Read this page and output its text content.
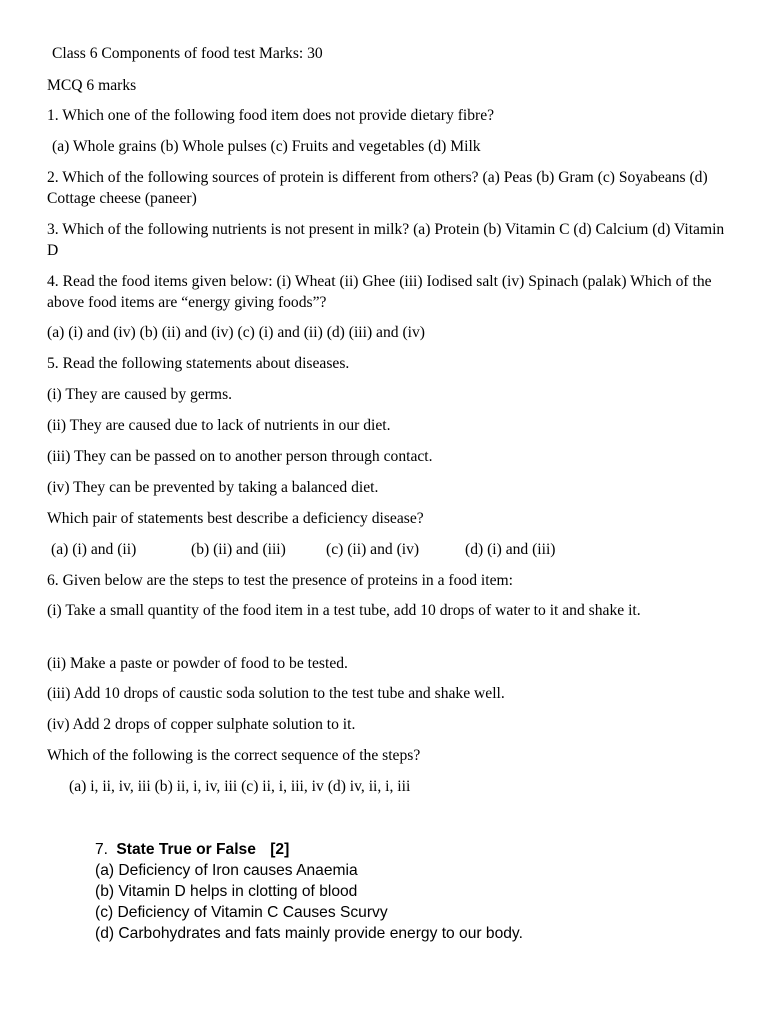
Class 6 Components of food test Marks: 30
MCQ 6 marks
1. Which one of the following food item does not provide dietary fibre?
(a) Whole grains (b) Whole pulses (c) Fruits and vegetables (d) Milk
2. Which of the following sources of protein is different from others? (a) Peas (b) Gram (c) Soyabeans (d) Cottage cheese (paneer)
3. Which of the following nutrients is not present in milk? (a) Protein (b) Vitamin C (d) Calcium (d) Vitamin D
4. Read the food items given below: (i) Wheat (ii) Ghee (iii) Iodised salt (iv) Spinach (palak) Which of the above food items are “energy giving foods”?
(a) (i) and (iv) (b) (ii) and (iv) (c) (i) and (ii) (d) (iii) and (iv)
5. Read the following statements about diseases.
(i) They are caused by germs.
(ii) They are caused due to lack of nutrients in our diet.
(iii) They can be passed on to another person through contact.
(iv) They can be prevented by taking a balanced diet.
Which pair of statements best describe a deficiency disease?
(a) (i) and (ii)	(b) (ii) and (iii)	(c) (ii) and (iv)	(d) (i) and (iii)
6. Given below are the steps to test the presence of proteins in a food item:
(i) Take a small quantity of the food item in a test tube, add 10 drops of water to it and shake it.
(ii) Make a paste or powder of food to be tested.
(iii) Add 10 drops of caustic soda solution to the test tube and shake well.
(iv) Add 2 drops of copper sulphate solution to it.
Which of the following is the correct sequence of the steps?
(a) i, ii, iv, iii (b) ii, i, iv, iii (c) ii, i, iii, iv (d) iv, ii, i, iii
7. State True or False [2]
(a) Deficiency of Iron causes Anaemia
(b) Vitamin D helps in clotting of blood
(c) Deficiency of Vitamin C Causes Scurvy
(d) Carbohydrates and fats mainly provide energy to our body.
